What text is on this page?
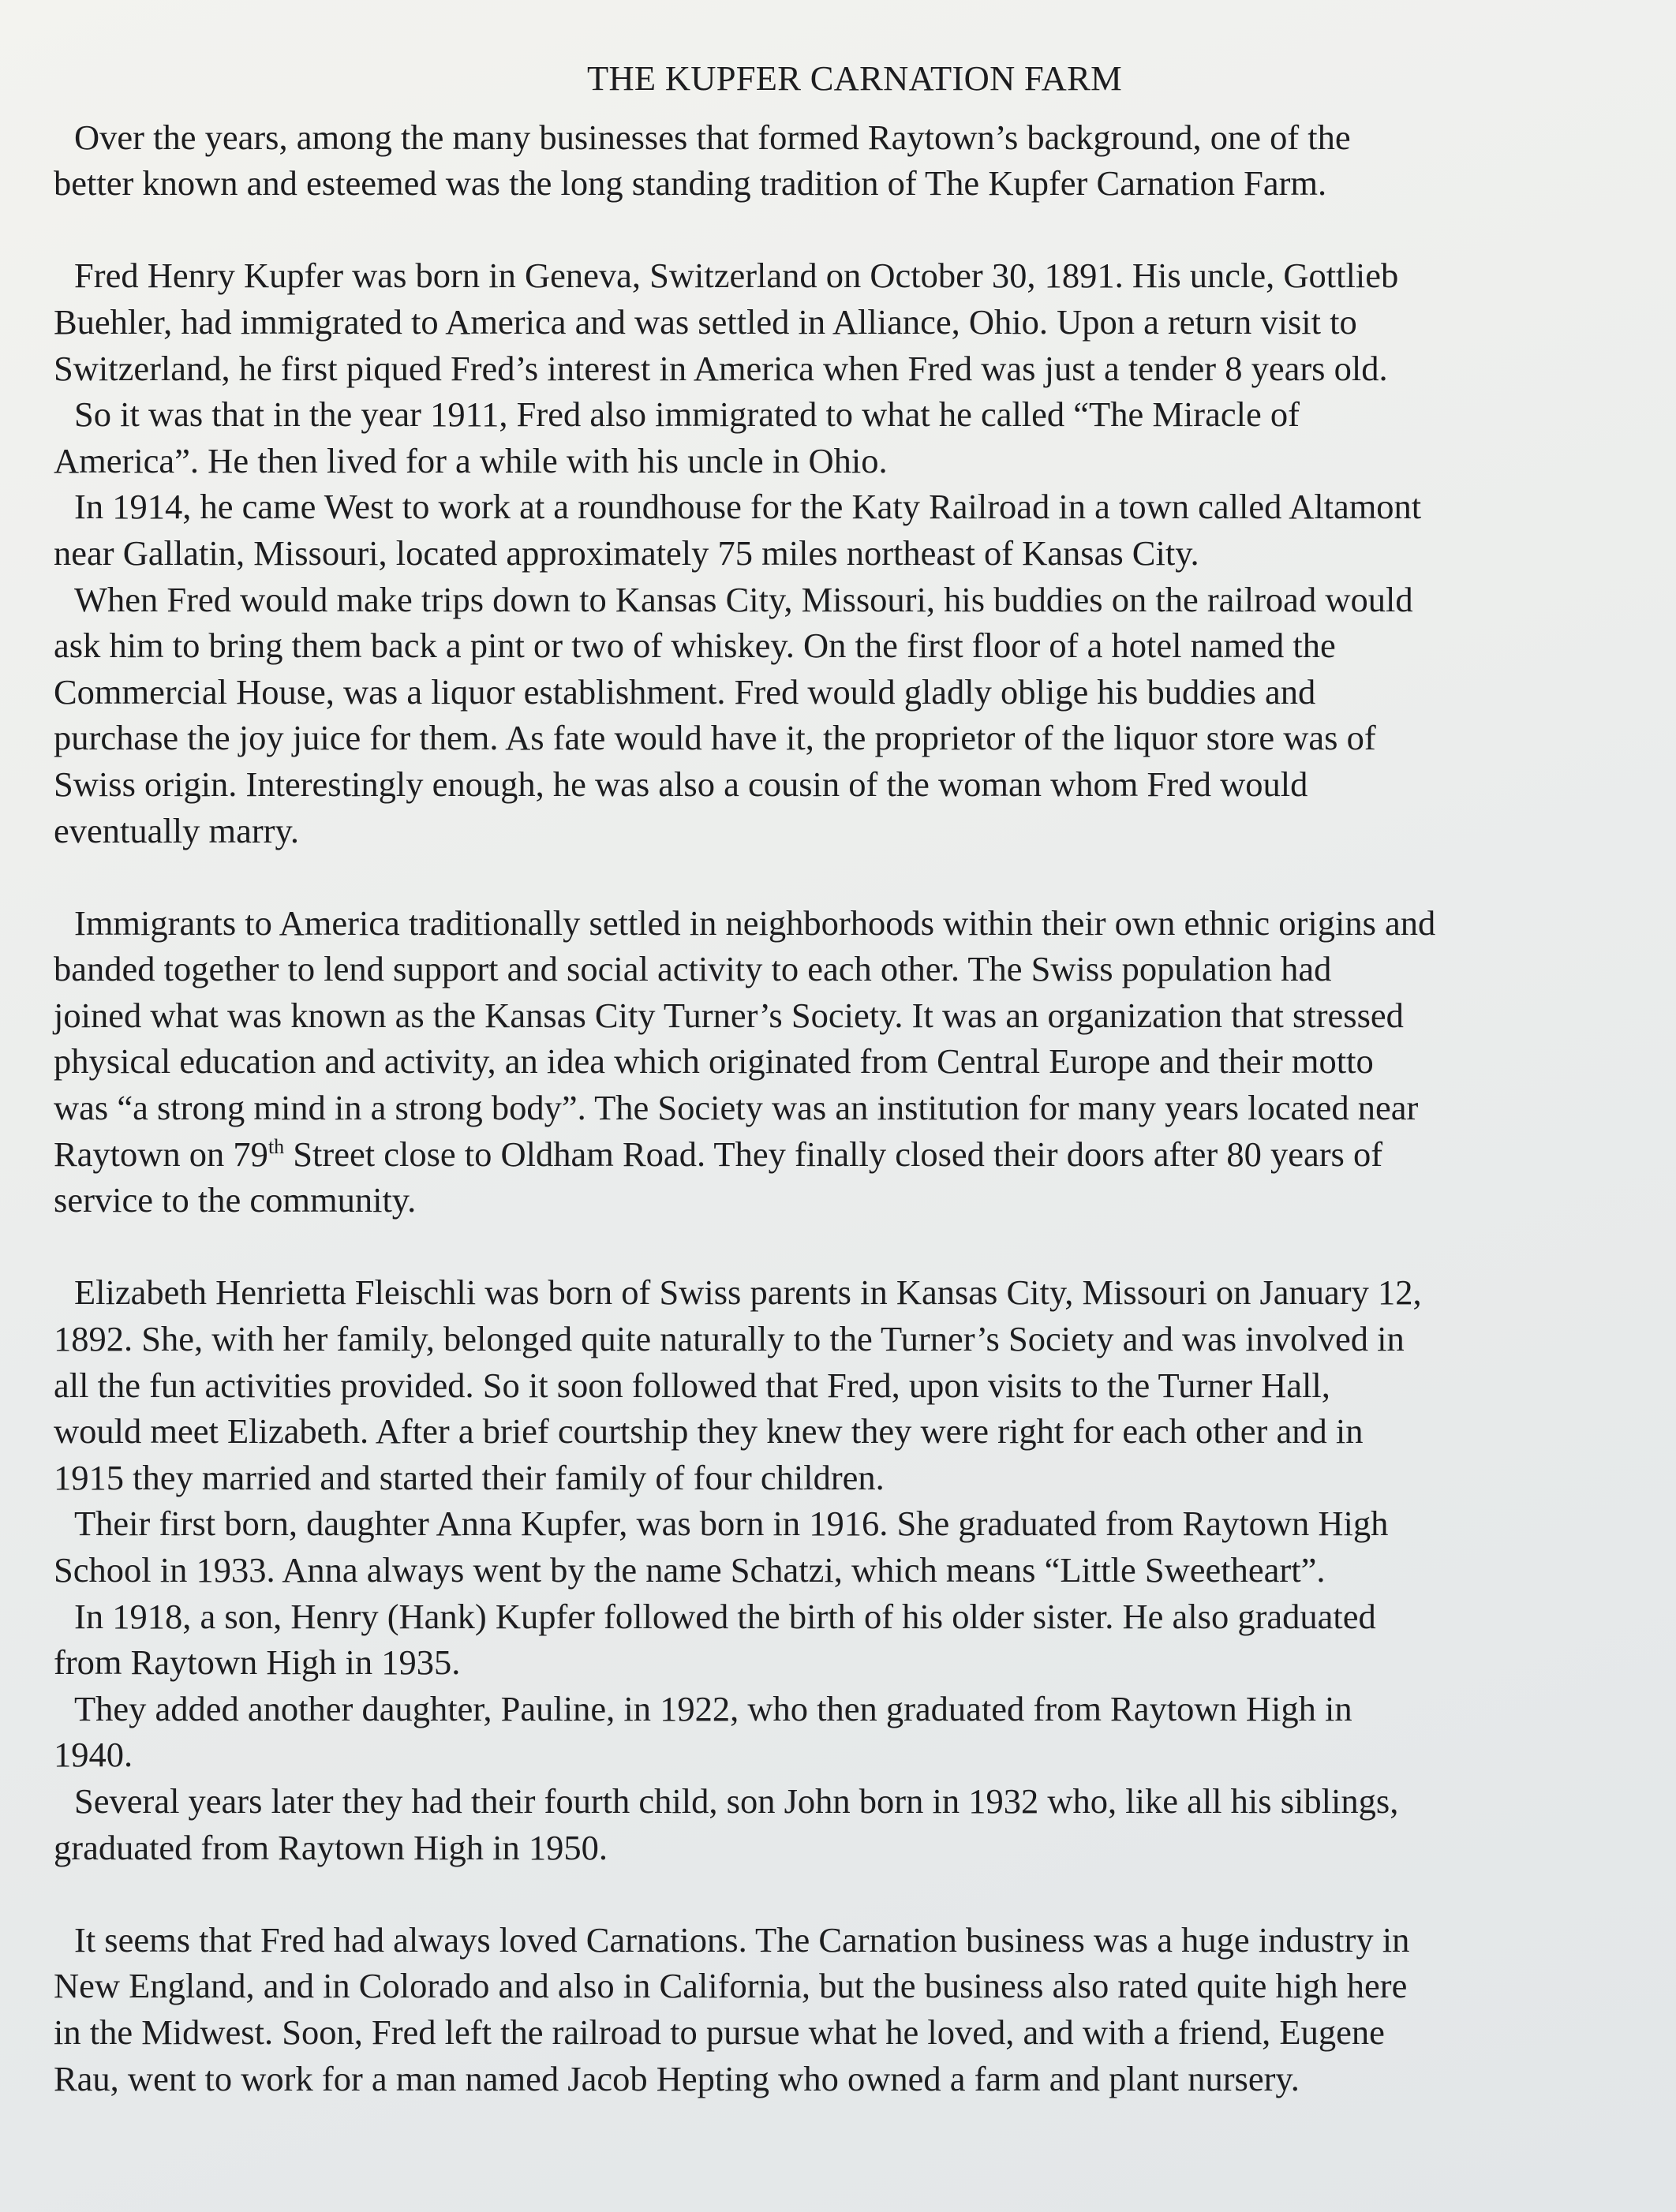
THE KUPFER CARNATION FARM
Over the years, among the many businesses that formed Raytown’s background, one of the
better known and esteemed was the long standing tradition of The Kupfer Carnation Farm.
Fred Henry Kupfer was born in Geneva, Switzerland on October 30, 1891. His uncle, Gottlieb
Buehler, had immigrated to America and was settled in Alliance, Ohio. Upon a return visit to
Switzerland, he first piqued Fred’s interest in America when Fred was just a tender 8 years old.
So it was that in the year 1911, Fred also immigrated to what he called “The Miracle of
America”. He then lived for a while with his uncle in Ohio.
In 1914, he came West to work at a roundhouse for the Katy Railroad in a town called Altamont
near Gallatin, Missouri, located approximately 75 miles northeast of Kansas City.
When Fred would make trips down to Kansas City, Missouri, his buddies on the railroad would
ask him to bring them back a pint or two of whiskey. On the first floor of a hotel named the
Commercial House, was a liquor establishment. Fred would gladly oblige his buddies and
purchase the joy juice for them. As fate would have it, the proprietor of the liquor store was of
Swiss origin. Interestingly enough, he was also a cousin of the woman whom Fred would
eventually marry.
Immigrants to America traditionally settled in neighborhoods within their own ethnic origins and
banded together to lend support and social activity to each other. The Swiss population had
joined what was known as the Kansas City Turner’s Society. It was an organization that stressed
physical education and activity, an idea which originated from Central Europe and their motto
was “a strong mind in a strong body”. The Society was an institution for many years located near
Raytown on 79th Street close to Oldham Road. They finally closed their doors after 80 years of
service to the community.
Elizabeth Henrietta Fleischli was born of Swiss parents in Kansas City, Missouri on January 12,
1892. She, with her family, belonged quite naturally to the Turner’s Society and was involved in
all the fun activities provided. So it soon followed that Fred, upon visits to the Turner Hall,
would meet Elizabeth. After a brief courtship they knew they were right for each other and in
1915 they married and started their family of four children.
Their first born, daughter Anna Kupfer, was born in 1916. She graduated from Raytown High
School in 1933. Anna always went by the name Schatzi, which means “Little Sweetheart”.
In 1918, a son, Henry (Hank) Kupfer followed the birth of his older sister. He also graduated
from Raytown High in 1935.
They added another daughter, Pauline, in 1922, who then graduated from Raytown High in
1940.
Several years later they had their fourth child, son John born in 1932 who, like all his siblings,
graduated from Raytown High in 1950.
It seems that Fred had always loved Carnations. The Carnation business was a huge industry in
New England, and in Colorado and also in California, but the business also rated quite high here
in the Midwest. Soon, Fred left the railroad to pursue what he loved, and with a friend, Eugene
Rau, went to work for a man named Jacob Hepting who owned a farm and plant nursery.
